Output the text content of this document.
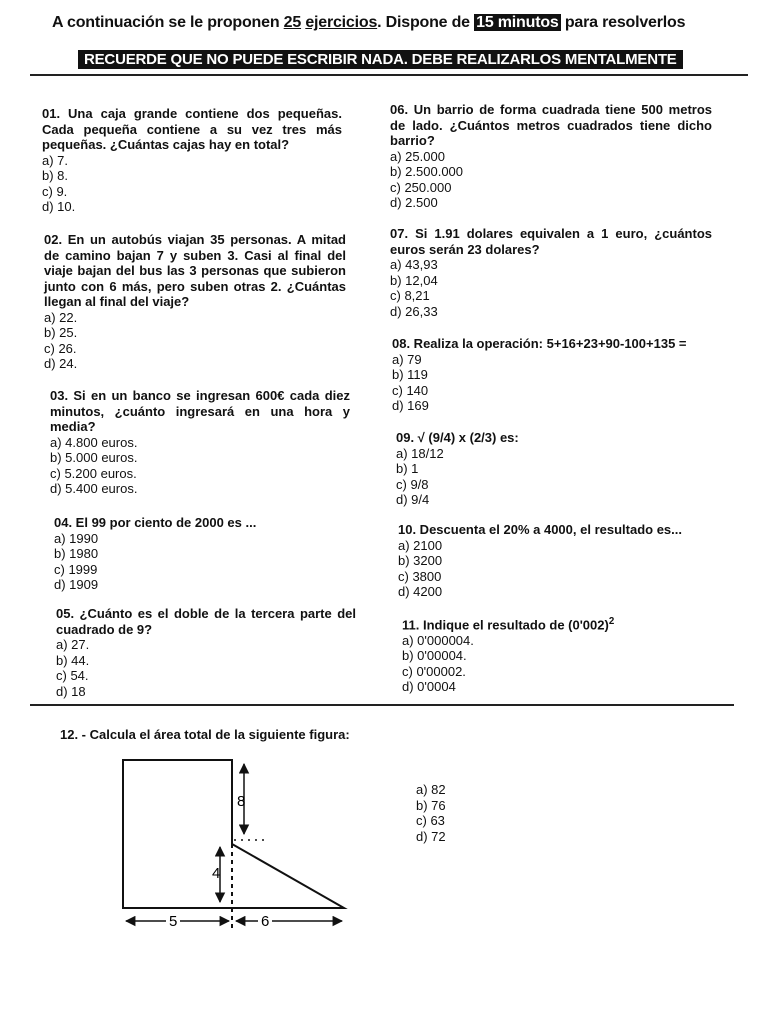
A continuación se le proponen 25 ejercicios. Dispone de 15 minutos para resolverlos
RECUERDE QUE NO PUEDE ESCRIBIR NADA. DEBE REALIZARLOS MENTALMENTE
01. Una caja grande contiene dos pequeñas. Cada pequeña contiene a su vez tres más pequeñas. ¿Cuántas cajas hay en total?
a) 7.
b) 8.
c) 9.
d) 10.
02. En un autobús viajan 35 personas. A mitad de camino bajan 7 y suben 3. Casi al final del viaje bajan del bus las 3 personas que subieron junto con 6 más, pero suben otras 2. ¿Cuántas llegan al final del viaje?
a) 22.
b) 25.
c) 26.
d) 24.
03. Si en un banco se ingresan 600€ cada diez minutos, ¿cuánto ingresará en una hora y media?
a) 4.800 euros.
b) 5.000 euros.
c) 5.200 euros.
d) 5.400 euros.
04. El 99 por ciento de 2000 es ...
a) 1990
b) 1980
c) 1999
d) 1909
05. ¿Cuánto es el doble de la tercera parte del cuadrado de 9?
a) 27.
b) 44.
c) 54.
d) 18
06. Un barrio de forma cuadrada tiene 500 metros de lado. ¿Cuántos metros cuadrados tiene dicho barrio?
a) 25.000
b) 2.500.000
c) 250.000
d) 2.500
07. Si 1.91 dolares equivalen a 1 euro, ¿cuántos euros serán 23 dolares?
a) 43,93
b) 12,04
c) 8,21
d) 26,33
08. Realiza la operación: 5+16+23+90-100+135 =
a) 79
b) 119
c) 140
d) 169
09. √ (9/4) x (2/3) es:
a) 18/12
b) 1
c) 9/8
d) 9/4
10. Descuenta el 20% a 4000, el resultado es...
a) 2100
b) 3200
c) 3800
d) 4200
11. Indique el resultado de $(0'002)^2$
a) 0'000004.
b) 0'00004.
c) 0'00002.
d) 0'0004
12. - Calcula el área total de la siguiente figura:
8
4
5	6
a) 82
b) 76
c) 63
d) 72
